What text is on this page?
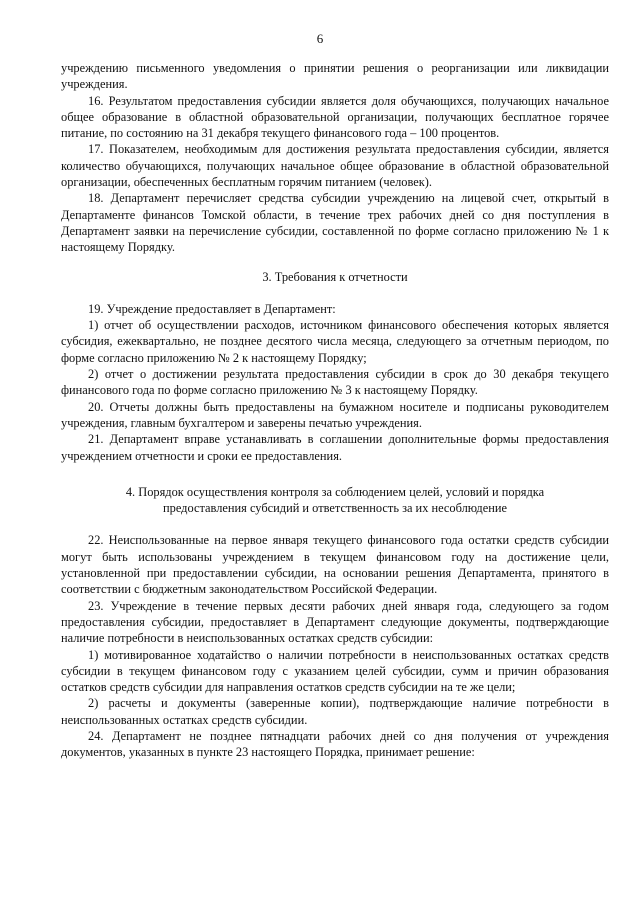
6

учреждению письменного уведомления о принятии решения о реорганизации или ликвидации учреждения.

16. Результатом предоставления субсидии является доля обучающихся, получающих начальное общее образование в областной образовательной организации, получающих бесплатное горячее питание, по состоянию на 31 декабря текущего финансового года – 100 процентов.

17. Показателем, необходимым для достижения результата предоставления субсидии, является количество обучающихся, получающих начальное общее образование в областной образовательной организации, обеспеченных бесплатным горячим питанием (человек).

18. Департамент перечисляет средства субсидии учреждению на лицевой счет, открытый в Департаменте финансов Томской области, в течение трех рабочих дней со дня поступления в Департамент заявки на перечисление субсидии, составленной по форме согласно приложению № 1 к настоящему Порядку.

3. Требования к отчетности

19. Учреждение предоставляет в Департамент:

1) отчет об осуществлении расходов, источником финансового обеспечения которых является субсидия, ежеквартально, не позднее десятого числа месяца, следующего за отчетным периодом, по форме согласно приложению № 2 к настоящему Порядку;

2) отчет о достижении результата предоставления субсидии в срок до 30 декабря текущего финансового года по форме согласно приложению № 3 к настоящему Порядку.

20. Отчеты должны быть предоставлены на бумажном носителе и подписаны руководителем учреждения, главным бухгалтером и заверены печатью учреждения.

21. Департамент вправе устанавливать в соглашении дополнительные формы предоставления учреждением отчетности и сроки ее предоставления.

4. Порядок осуществления контроля за соблюдением целей, условий и порядка
предоставления субсидий и ответственность за их несоблюдение

22. Неиспользованные на первое января текущего финансового года остатки средств субсидии могут быть использованы учреждением в текущем финансовом году на достижение цели, установленной при предоставлении субсидии, на основании решения Департамента, принятого в соответствии с бюджетным законодательством Российской Федерации.

23. Учреждение в течение первых десяти рабочих дней января года, следующего за годом предоставления субсидии, предоставляет в Департамент следующие документы, подтверждающие наличие потребности в неиспользованных остатках средств субсидии:

1) мотивированное ходатайство о наличии потребности в неиспользованных остатках средств субсидии в текущем финансовом году с указанием целей субсидии, сумм и причин образования остатков средств субсидии для направления остатков средств субсидии на те же цели;

2) расчеты и документы (заверенные копии), подтверждающие наличие потребности в неиспользованных остатках средств субсидии.

24. Департамент не позднее пятнадцати рабочих дней со дня получения от учреждения документов, указанных в пункте 23 настоящего Порядка, принимает решение:
